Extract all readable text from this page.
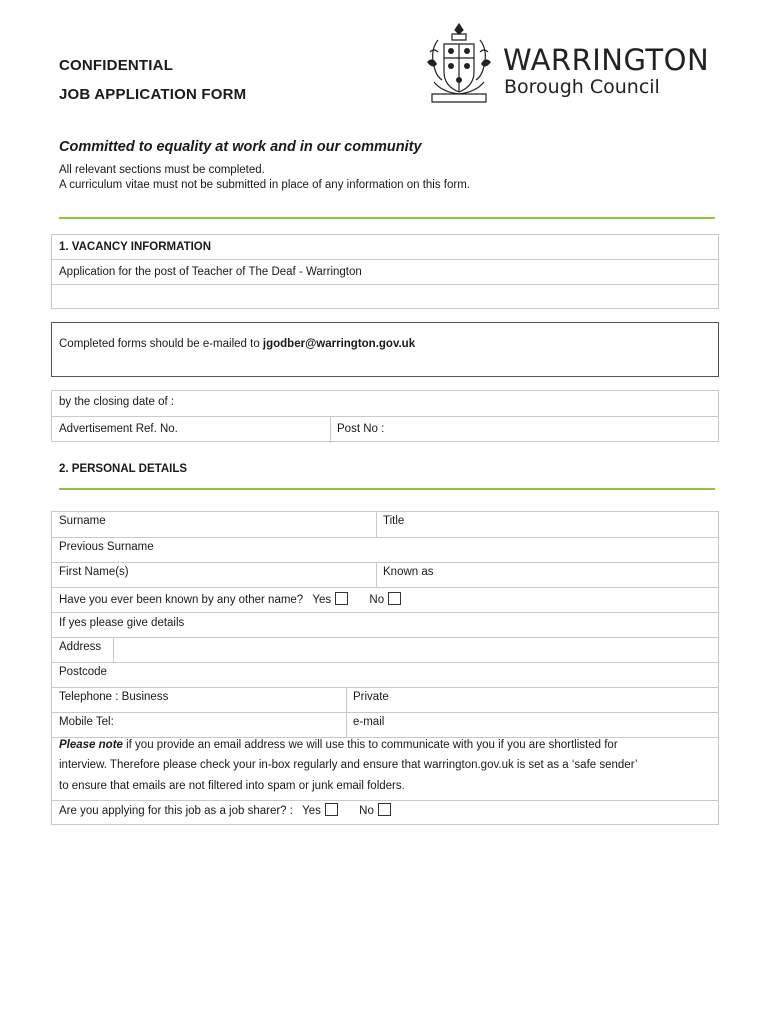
CONFIDENTIAL
JOB APPLICATION FORM
WARRINGTON
Borough Council
Committed to equality at work and in our community
All relevant sections must be completed.
A curriculum vitae must not be submitted in place of any information on this form.
1. VACANCY INFORMATION
Application for the post of Teacher of The Deaf - Warrington
Completed forms should be e-mailed to jgodber@warrington.gov.uk
by the closing date of :
Advertisement Ref. No.	Post No :
2. PERSONAL DETAILS
Surname	Title
Previous Surname
First Name(s)	Known as
Have you ever been known by any other name? Yes	No
If yes please give details
Address
Postcode
Telephone : Business	Private
Mobile Tel:	e-mail
Please note if you provide an email address we will use this to communicate with you if you are shortlisted for
interview. Therefore please check your in-box regularly and ensure that warrington.gov.uk is set as a ‘safe sender’
to ensure that emails are not filtered into spam or junk email folders.
Are you applying for this job as a job sharer? : Yes	No
